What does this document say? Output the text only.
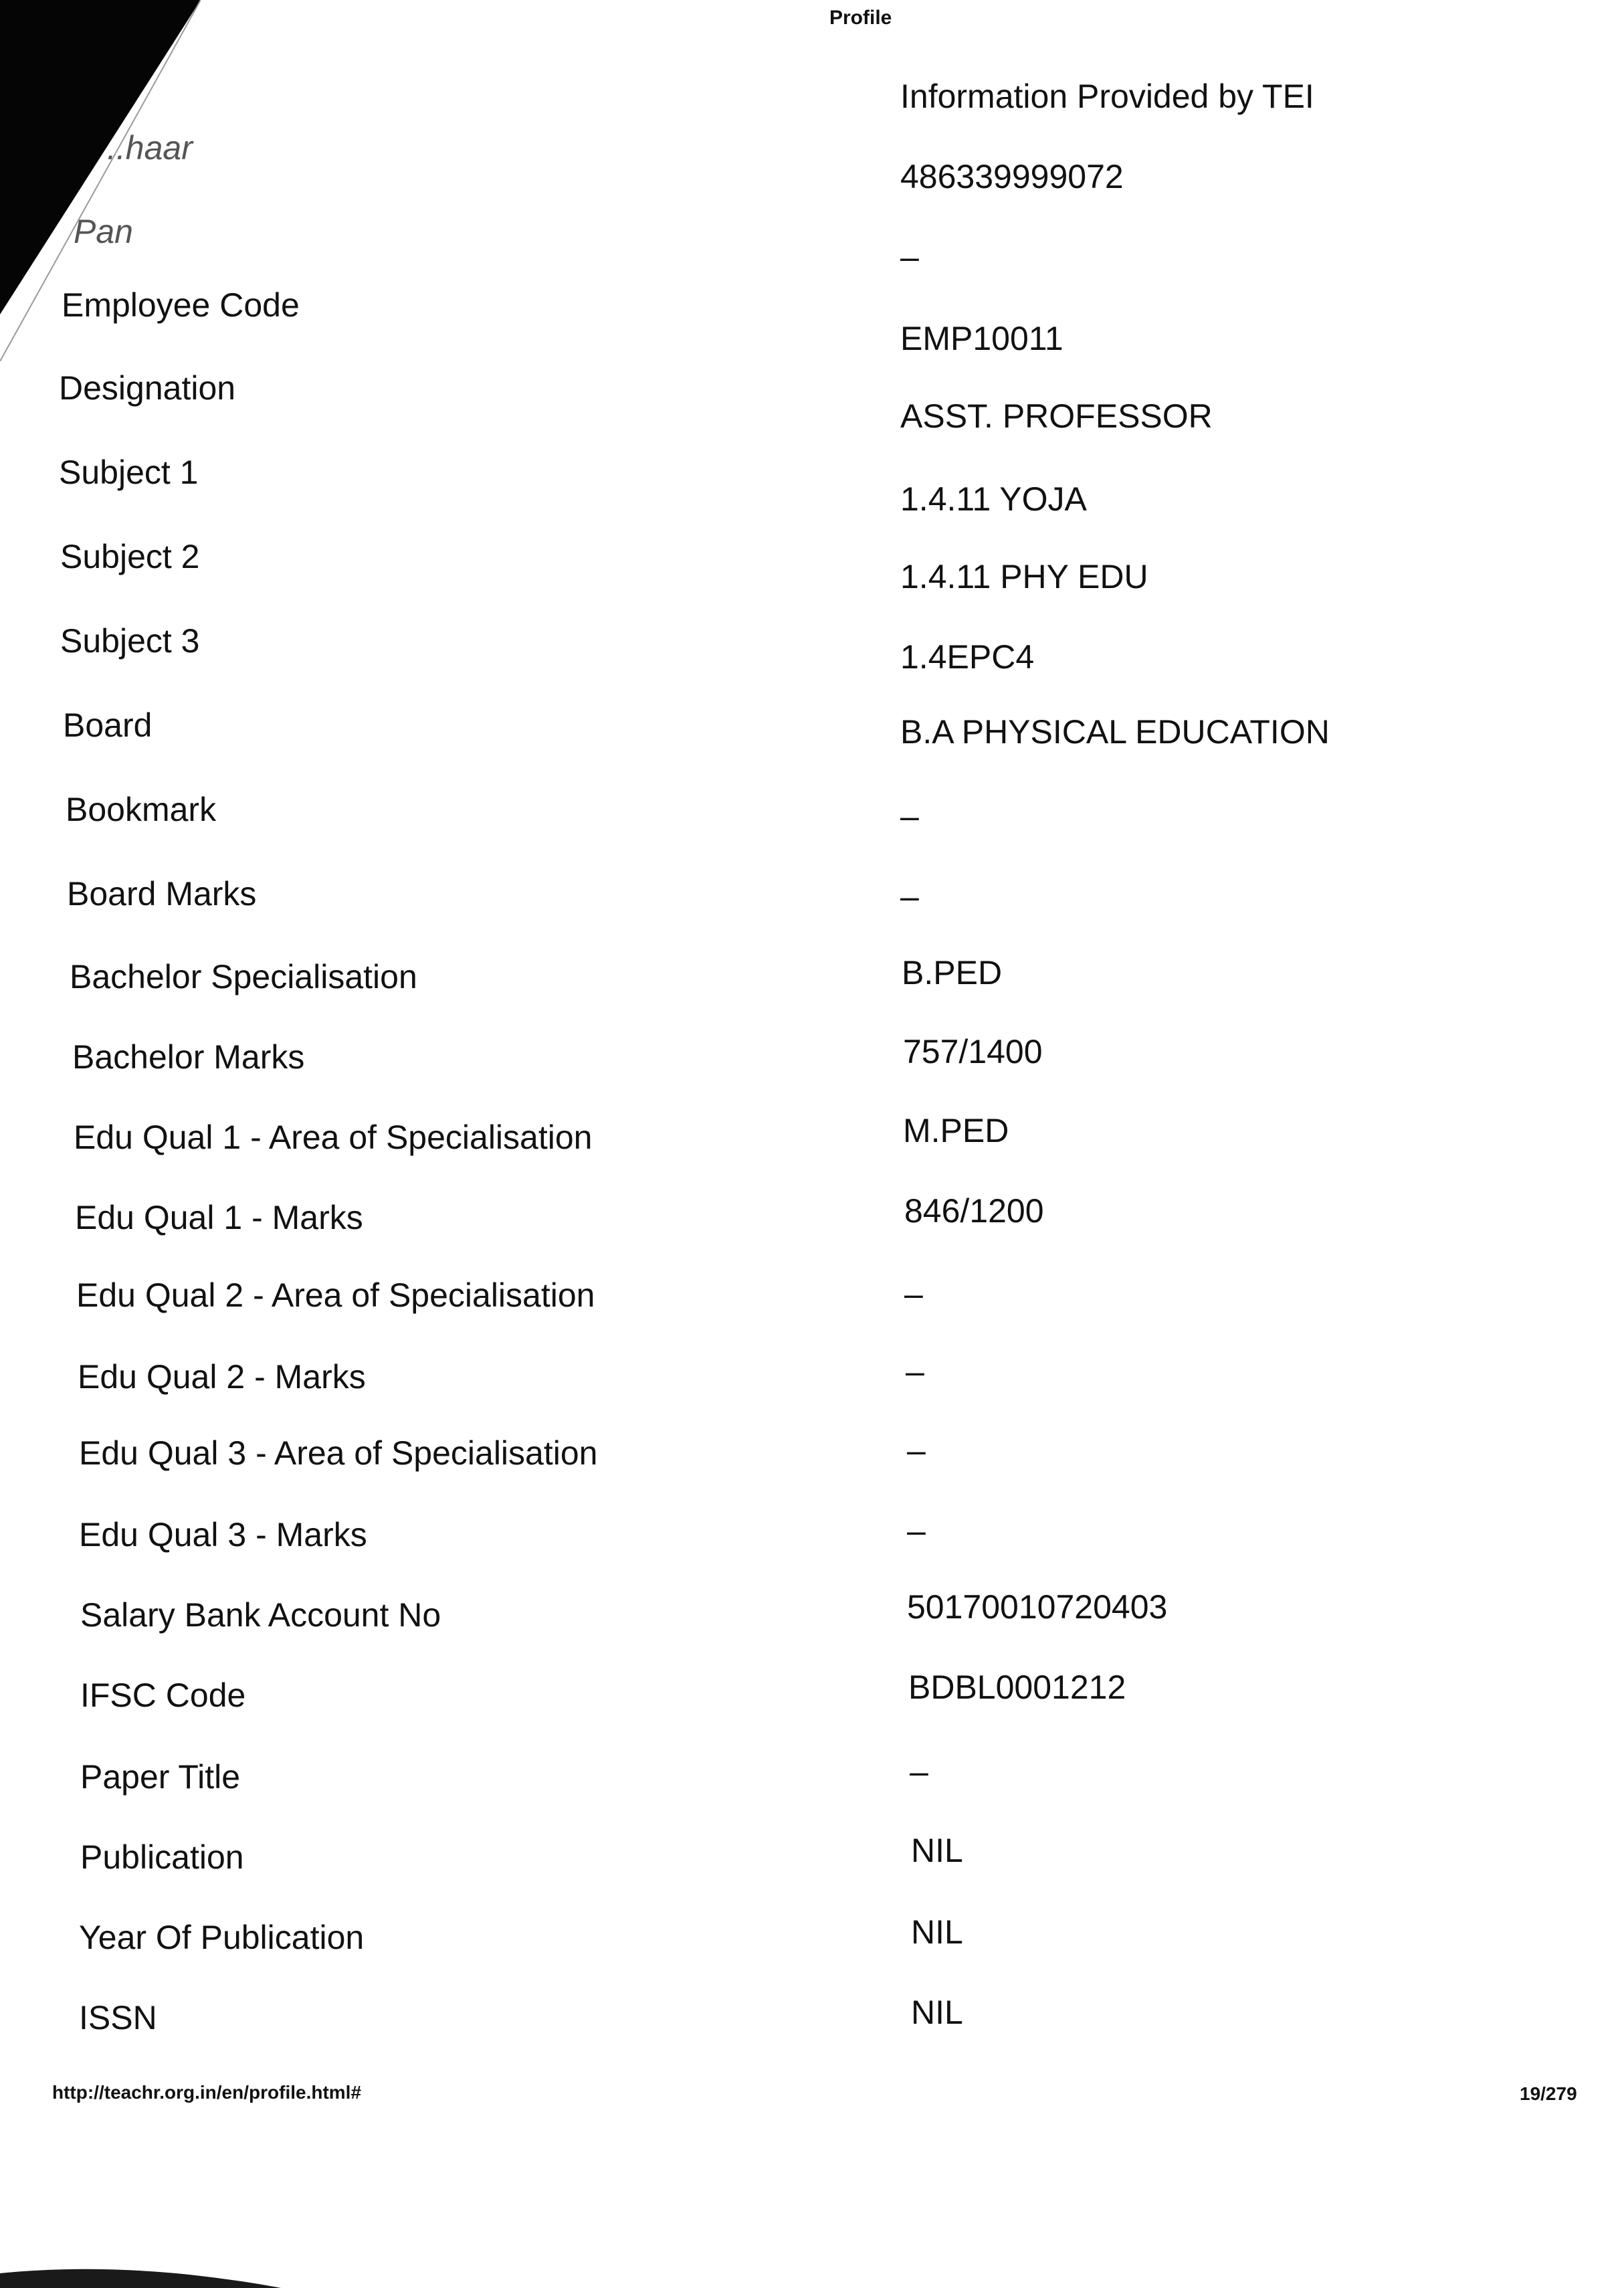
Profile
Information Provided by TEI
..haar
Pan
Employee Code
Designation
Subject 1
Subject 2
Subject 3
Board
Bookmark
Board Marks
Bachelor Specialisation
Bachelor Marks
Edu Qual 1 - Area of Specialisation
Edu Qual 1 - Marks
Edu Qual 2 - Area of Specialisation
Edu Qual 2 - Marks
Edu Qual 3 - Area of Specialisation
Edu Qual 3 - Marks
Salary Bank Account No
IFSC Code
Paper Title
Publication
Year Of Publication
ISSN
486339999072
–
EMP10011
ASST. PROFESSOR
1.4.11 YOJA
1.4.11 PHY EDU
1.4EPC4
B.A PHYSICAL EDUCATION
–
–
B.PED
757/1400
M.PED
846/1200
–
–
–
–
50170010720403
BDBL0001212
–
NIL
NIL
NIL
http://teachr.org.in/en/profile.html#	19/279
